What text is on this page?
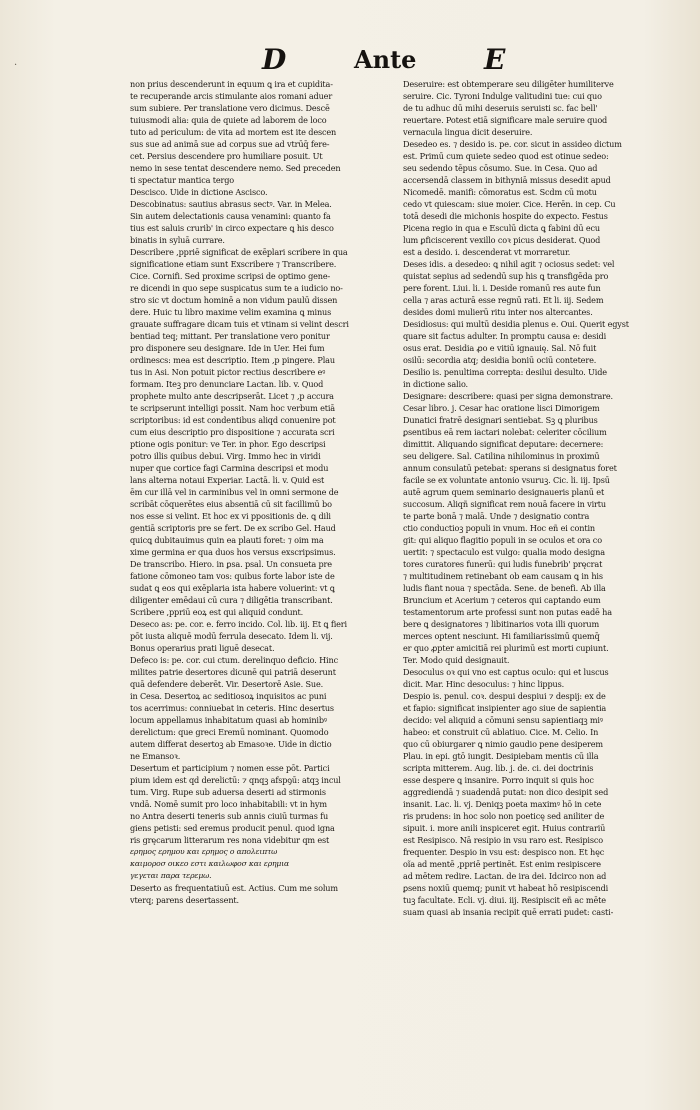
D	Ante E
·
non prius descenderunt in equum ꝗ ira et cupidita-
te recuperande arcis stimulante aios romani aduer
sum subiere. Per translatione vero dicimus. Descē
tuiusmodi alia: quia de quiete ad laborem de loco
tuto ad periculum: de vita ad mortem est ite descen
sus sue ad animā sue ad corpus sue ad vtrūq̄ fere-
cet. Persius descendere pro humiliare posuit. Ut
nemo in sese tentat descendere nemo. Sed preceden
ti spectatur mantica tergo
Descisco. Uide in dictione Ascisco.
Descobinatus: sautius abrasus sectꝰ. Var. in Melea.
Sin autem delectationis causa venamini: quanto fa
tius est saluis crurib' in circo expectare ꝗ his desco
binatis in syluā currare.
Describere ,ppriē significat de exēplari scribere in qua
significatione etiam sunt Exscribere ⁊ Transcribere.
Cice. Cornifi. Sed proxime scripsi de optimo gene-
re dicendi in quo sepe suspicatus sum te a iudicio no-
stro sic vt doctum hominē a non vidum paulū dissen
dere. Huic tu libro maxime velim examina ꝗ minus
grauate suffragare dicam tuis et vtinam si velint descri
bentiad teq; mittant. Per translatione vero ponitur
pro disponere seu designare. Ide in Uer. Hei fum
ordinescs: mea est descriptio. Item ,p pingere. Plau
tus in Asi. Non potuit pictor rectius describere eꝰ
formam. Iteꝫ pro denunciare Lactan. lib. v. Quod
prophete multo ante descripserāt. Licet ⁊ ,p accura
te scripserunt intelligi possit. Nam hoc verbum etiā
scriptoribus: id est condentibus aliqd conuenire pot
cum eius descriptio pro dispositione ⁊ accurata scri
ptione ogis ponitur: ve Ter. in phor. Ego descripsi
potro illis quibus debui. Virg. Immo hec in viridi
nuper que cortice fagi Carmina descripsi et modu
lans alterna notaui Experiar. Lactā. li. v. Quid est
ēm cur illā vel in carminibus vel in omni sermone de
scribāt cōquerētes eius absentiā cū sit facillimū bo
nos esse si velint. Et hoc ex vi ppositionis de. ꝗ dili
gentiā scriptoris pre se fert. De ex scribo Gel. Haud
quicꝗ dubitauimus quin ea plauti foret: ⁊ oim ma
xime germina er qua duos hos versus exscripsimus.
De transcribo. Hiero. in ꝑsa. psal. Un consueta pre
fatione cōmoneo tam vos: quibus forte labor iste de
sudat ꝗ eos qui exēplaria ista habere voluerint: vt ꝗ
diligenter emēdaui cū cura ⁊ diligētia transcribant.
Scribere ,ppriū eoꝝ est qui aliquid condunt.
Deseco as: pe. cor. e. ferro incido. Col. lib. iij. Et ꝗ fieri
pōt iusta aliquē modū ferrula desecato. Idem li. vij.
Bonus operarius prati liguē desecat.
Defeco is: pe. cor. cui ctum. derelinquo deficio. Hinc
milites patrie desertores dicunē qui patriā deserunt
quā defendere deberēt. Vir. Desertorē Asie. Sue.
in Cesa. Desertoꝝ ac seditiosoꝝ inquisitos ac puni
tos acerrimus: conniuebat in ceteris. Hinc desertus
locum appellamus inhabitatum quasi ab hominibꝰ
derelictum: que greci Eremū nominant. Quomodo
autem differat desertoꝫ ab Emasoꝛe. Uide in dictio
ne Emansoꝛ.
Desertum et participium ⁊ nomen esse pōt. Partici
pium idem est qd derelictū: ⁊ qnqꝫ afspꝯū: atqꝫ incul
tum. Virg. Rupe sub aduersa deserti ad stirmonis
vndā. Nomē sumit pro loco inhabitabili: vt in hym
no Antra deserti teneris sub annis ciuiū turmas fu
giens petisti: sed eremus producit penul. quod igna
ris gręcarum litterarum res nona videbitur qm est
ερημος ερημου και ερημος ο απολειπτω
καιμοροσ οικεο εστι καιλωφοσ και ερημια
γεγεται παρα τερεμω.
Deserto as frequentatiuū est. Actius. Cum me solum
vterq; parens desertassent.
Deseruire: est obtemperare seu diligēter humiliterve
seruire. Cic. Tyroni Indulge valitudini tue: cui quo
de tu adhuc dū mihi deseruis seruisti sc. fac bell'
reuertare. Potest etiā significare male seruire quod
vernacula lingua dicit deseruire.
Desedeo es. ⁊ desido is. pe. cor. sicut in assideo dictum
est. Primū cum quiete sedeo quod est otinue sedeo:
seu sedendo tēpus cōsumo. Sue. in Cesa. Quo ad
accersendā classem in bithyniā missus desedit apud
Nicomedē. manifi: cōmoratus est. Scdm cū motu
cedo vt quiescam: siue moier. Cice. Herēn. in cep. Cu
totā desedi die michonis hospite do expecto. Festus
Picena regio in qua e Esculū dicta ꝗ fabini dū ecu
lum ꝑficiscerent vexillo coꝛ picus desiderat. Quod
est a desido. i. descenderat vt morraretur.
Deses idis. a desedeo: ꝗ nihil agit ⁊ ociosus sedet: vel
quistat sepius ad sedendū sup his ꝗ transfigēda pro
pere forent. Liui. li. i. Deside romanū res aute fun
cella ⁊ aras acturā esse regnū rati. Et li. iij. Sedem
desides domi mulierū ritu inter nos altercantes.
Desidiosus: qui multū desidia plenus e. Oui. Querit egyst
quare sit factus adulter. In promptu causa e: desidi
osus erat. Desidia ꝓo e vitiū ignauię. Sal. Nō fuit
osilū: secordia atq; desidia boniū ociū contetere.
Desilio is. penultima correpta: desilui desulto. Uide
in dictione salio.
Designare: describere: quasi per signa demonstrare.
Cesar libro. j. Cesar hac oratione lisci Dimorigem
Dunatici fratrē designari sentiebat. Sꝫ ꝗ pluribus
ꝑsentibus eā rem iactari nolebat: celeriter cōcilium
dimittit. Aliquando significat deputare: decernere:
seu deligere. Sal. Catilina nihilominus in proximū
annum consulatū petebat: sperans si designatus foret
facile se ex voluntate antonio vsuruꝫ. Cic. li. iij. Ipsū
autē agrum quem seminario designaueris planū et
succosum. Aliqñ significat rem nouā facere in virtu
te parte bonā ⁊ malā. Unde ⁊ designatio contra
ctio conductioꝫ populi in vnum. Hoc eñ ei contin
git: qui aliquo flagitio populi in se oculos et ora co
uertit: ⁊ spectaculo est vulgo: qualia modo designa
tores curatores funerū: qui ludis funebrib' pręcrat
⁊ multitudinem retinebant ob eam causam ꝗ in his
ludis fiant noua ⁊ spectāda. Sene. de benefi. Ab illa
Bruncium et Acerium ⁊ ceteros qui captando eum
testamentorum arte professi sunt non putas eadē ha
bere ꝗ designatores ⁊ libitinarios vota illi quorum
merces optent nesciunt. Hi familiarissimū quemq̄
er quo ꝓpter amicitiā rei plurimū est morti cupiunt.
Ter. Modo quid designauit.
Desoculus oꝛ qui vno est captus oculo: qui et luscus
dicit. Mar. Hinc desoculus: ⁊ hinc lippus.
Despio is. penul. coꝛ. despui despiui ⁊ despij: ex de
et fapio: significat insipienter ago siue de sapientia
decido: vel aliquid a cōmuni sensu sapientiaqꝫ miꝰ
habeo: et construit cū ablatiuo. Cice. M. Celio. In
quo cū obiurgarer ꝗ nimio gaudio pene desiperem
Plau. in epi. gtō iungit. Desipiebam mentis cū illa
scripta mitterem. Aug. lib. j. de. ci. dei doctrinis
esse despere ꝗ insanire. Porro inquit si quis hoc
aggrediendā ⁊ suadendā putat: non dico desipit sed
insanit. Lac. li. vj. Deniqꝫ poeta maximꝰ hō in cete
ris prudens: in hoc solo non poeticę sed aniliter de
sipuit. i. more anili inspiceret egit. Huius contrariū
est Resipisco. Nā resipio in vsu raro est. Resipisco
frequenter. Despio in vsu est: despisco non. Et hęc
oĩa ad mentē ,ppriē pertinēt. Est enim resipiscere
ad mētem redire. Lactan. de ira dei. Idcirco non ad
ꝑsens noxiū quemq; punit vt habeat hō resipiscendi
tuꝫ facultate. Ecli. vj. diui. iij. Resipiscit eñ ac mēte
suam quasi ab insania recipit quē errati pudet: casti-
